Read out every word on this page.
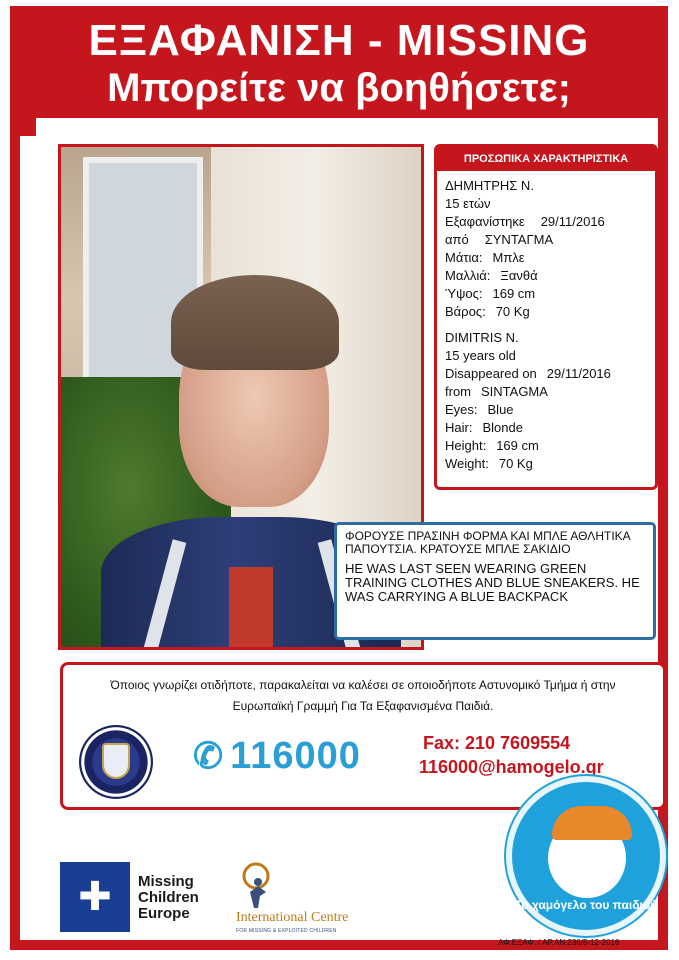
ΕΞΑΦΑΝΙΣΗ - MISSING
Μπορείτε να βοηθήσετε;
ΠΡΟΣΩΠΙΚΑ ΧΑΡΑΚΤΗΡΙΣΤΙΚΑ
ΔΗΜΗΤΡΗΣ Ν.
15 ετών
Εξαφανίστηκε 29/11/2016
από ΣΥΝΤΑΓΜΑ
Μάτια: Μπλε
Μαλλιά: Ξανθά
Ύψος: 169 cm
Βάρος: 70 Kg
DIMITRIS N.
15 years old
Disappeared on 29/11/2016
from SINTAGMA
Eyes: Blue
Hair: Blonde
Height: 169 cm
Weight: 70 Kg

ΦΟΡΟΥΣΕ ΠΡΑΣΙΝΗ ΦΟΡΜΑ ΚΑΙ ΜΠΛΕ ΑΘΛΗΤΙΚΑ ΠΑΠΟΥΤΣΙΑ. ΚΡΑΤΟΥΣΕ ΜΠΛΕ ΣΑΚΙΔΙΟ

HE WAS LAST SEEN WEARING GREEN TRAINING CLOTHES AND BLUE SNEAKERS. HE WAS CARRYING A BLUE BACKPACK

Όποιος γνωρίζει οτιδήποτε, παρακαλείται να καλέσει σε οποιοδήποτε Αστυνομικό Τμήμα ή στην
Ευρωπαϊκή Γραμμή Για Τα Εξαφανισμένα Παιδιά.
✆ 116000	Fax: 210 7609554
116000@hamogelo.gr
✚	Missing
Children
Europe	International Centre
FOR MISSING & EXPLOITED CHILDREN
Το χαμόγελο του παιδιού
ΑΦ.ΕΞΑΦ. / ΑΡ.ΑΝ.236/5-12-2016
